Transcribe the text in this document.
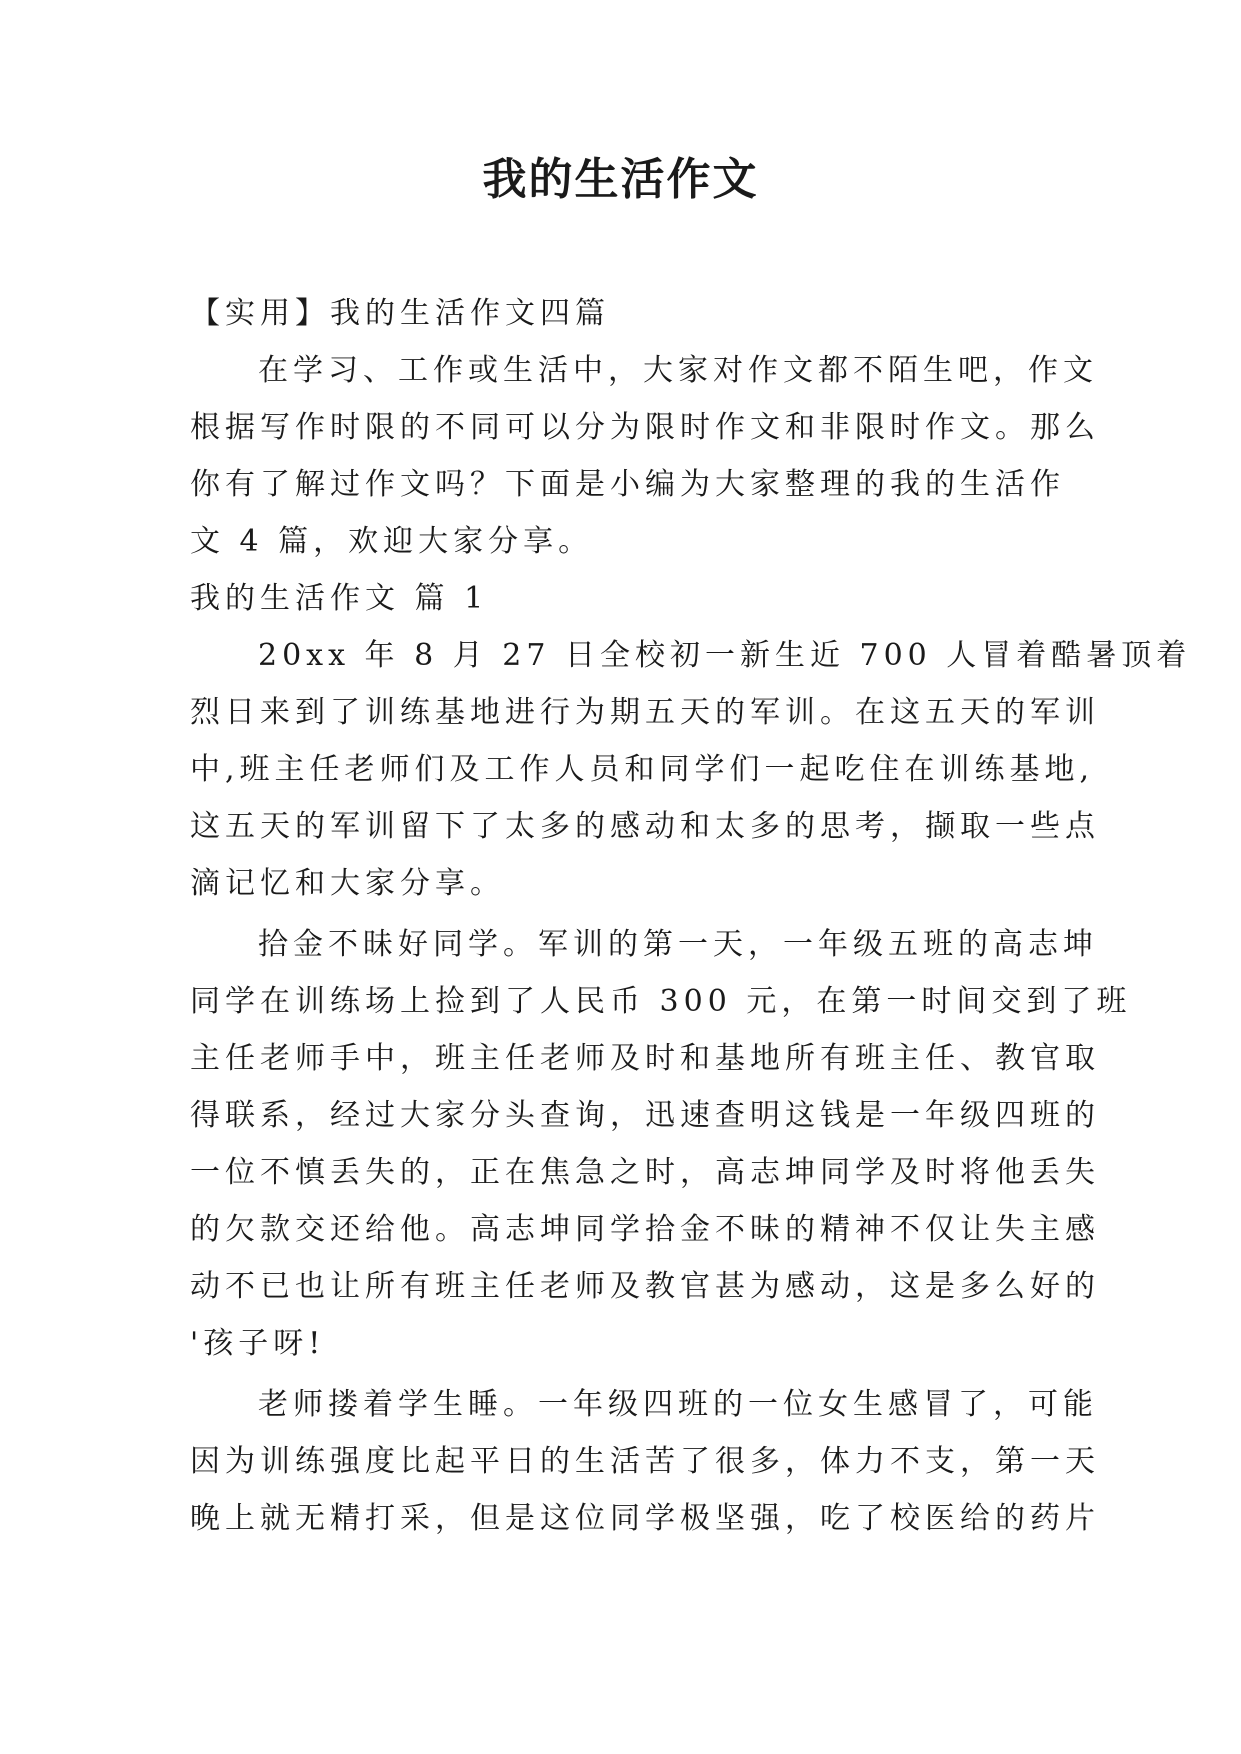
我的生活作文
【实用】我的生活作文四篇
在学习、工作或生活中，大家对作文都不陌生吧，作文
根据写作时限的不同可以分为限时作文和非限时作文。那么
你有了解过作文吗？下面是小编为大家整理的我的生活作
文 4 篇，欢迎大家分享。
我的生活作文 篇 1
20xx 年 8 月 27 日全校初一新生近 700 人冒着酷暑顶着
烈日来到了训练基地进行为期五天的军训。在这五天的军训
中,班主任老师们及工作人员和同学们一起吃住在训练基地,
这五天的军训留下了太多的感动和太多的思考，撷取一些点
滴记忆和大家分享。
拾金不昧好同学。军训的第一天，一年级五班的高志坤
同学在训练场上捡到了人民币 300 元，在第一时间交到了班
主任老师手中，班主任老师及时和基地所有班主任、教官取
得联系，经过大家分头查询，迅速查明这钱是一年级四班的
一位不慎丢失的，正在焦急之时，高志坤同学及时将他丢失
的欠款交还给他。高志坤同学拾金不昧的精神不仅让失主感
动不已也让所有班主任老师及教官甚为感动，这是多么好的
'孩子呀!
老师搂着学生睡。一年级四班的一位女生感冒了，可能
因为训练强度比起平日的生活苦了很多，体力不支，第一天
晚上就无精打采，但是这位同学极坚强，吃了校医给的药片
